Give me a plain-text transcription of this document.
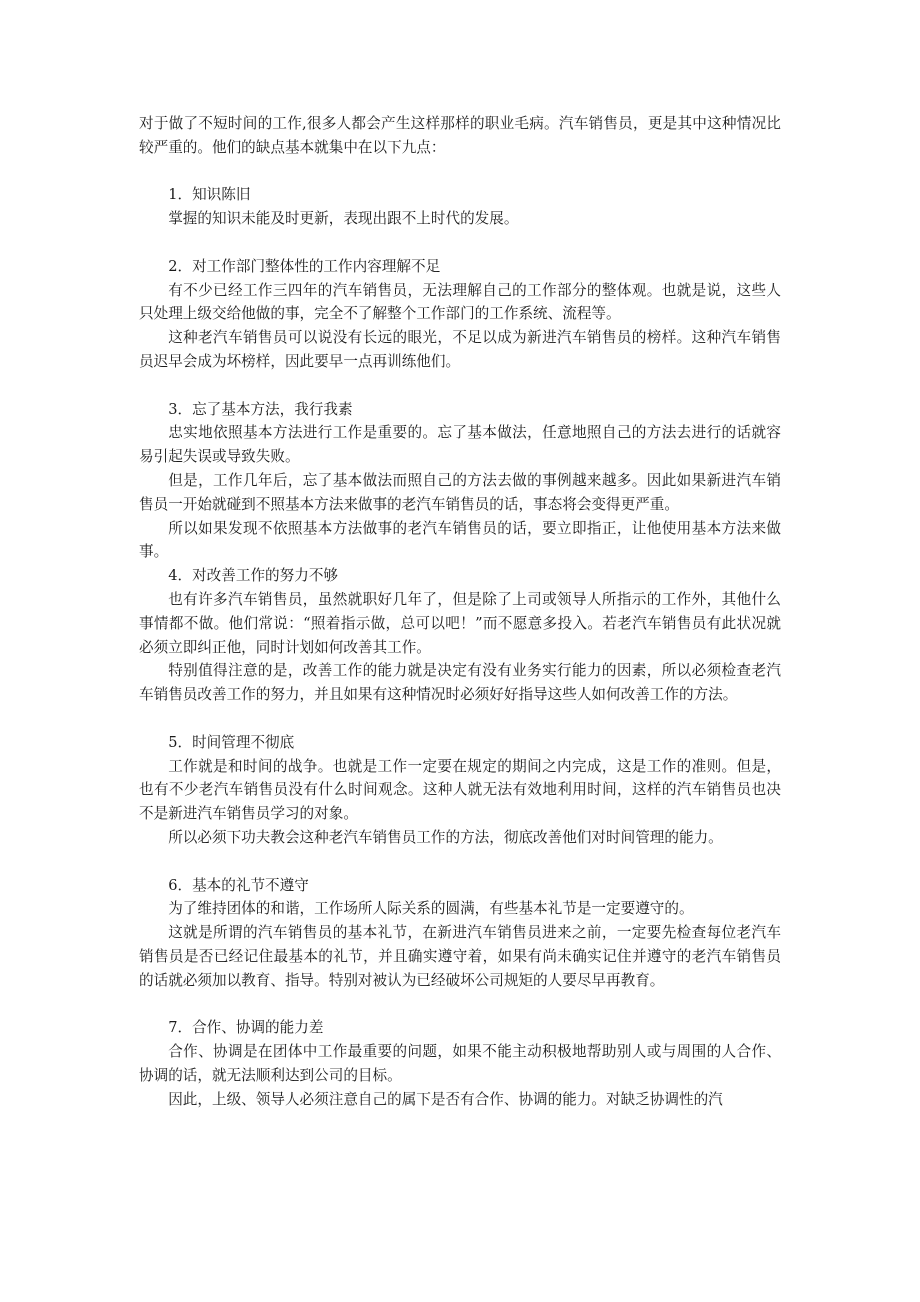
对于做了不短时间的工作,很多人都会产生这样那样的职业毛病。汽车销售员，更是其中这种情况比较严重的。他们的缺点基本就集中在以下九点：

1．知识陈旧

掌握的知识未能及时更新，表现出跟不上时代的发展。

2．对工作部门整体性的工作内容理解不足

有不少已经工作三四年的汽车销售员，无法理解自己的工作部分的整体观。也就是说，这些人只处理上级交给他做的事，完全不了解整个工作部门的工作系统、流程等。

这种老汽车销售员可以说没有长远的眼光，不足以成为新进汽车销售员的榜样。这种汽车销售员迟早会成为坏榜样，因此要早一点再训练他们。

3．忘了基本方法，我行我素

忠实地依照基本方法进行工作是重要的。忘了基本做法，任意地照自己的方法去进行的话就容易引起失误或导致失败。

但是，工作几年后，忘了基本做法而照自己的方法去做的事例越来越多。因此如果新进汽车销售员一开始就碰到不照基本方法来做事的老汽车销售员的话，事态将会变得更严重。

所以如果发现不依照基本方法做事的老汽车销售员的话，要立即指正，让他使用基本方法来做事。

4．对改善工作的努力不够

也有许多汽车销售员，虽然就职好几年了，但是除了上司或领导人所指示的工作外，其他什么事情都不做。他们常说：“照着指示做，总可以吧！”而不愿意多投入。若老汽车销售员有此状况就必须立即纠正他，同时计划如何改善其工作。

特别值得注意的是，改善工作的能力就是决定有没有业务实行能力的因素，所以必须检查老汽车销售员改善工作的努力，并且如果有这种情况时必须好好指导这些人如何改善工作的方法。

5．时间管理不彻底

工作就是和时间的战争。也就是工作一定要在规定的期间之内完成，这是工作的准则。但是，也有不少老汽车销售员没有什么时间观念。这种人就无法有效地利用时间，这样的汽车销售员也决不是新进汽车销售员学习的对象。

所以必须下功夫教会这种老汽车销售员工作的方法，彻底改善他们对时间管理的能力。

6．基本的礼节不遵守

为了维持团体的和谐，工作场所人际关系的圆满，有些基本礼节是一定要遵守的。

这就是所谓的汽车销售员的基本礼节，在新进汽车销售员进来之前，一定要先检查每位老汽车销售员是否已经记住最基本的礼节，并且确实遵守着，如果有尚未确实记住并遵守的老汽车销售员的话就必须加以教育、指导。特别对被认为已经破坏公司规矩的人要尽早再教育。

7．合作、协调的能力差

合作、协调是在团体中工作最重要的问题，如果不能主动积极地帮助别人或与周围的人合作、协调的话，就无法顺利达到公司的目标。

因此，上级、领导人必须注意自己的属下是否有合作、协调的能力。对缺乏协调性的汽
